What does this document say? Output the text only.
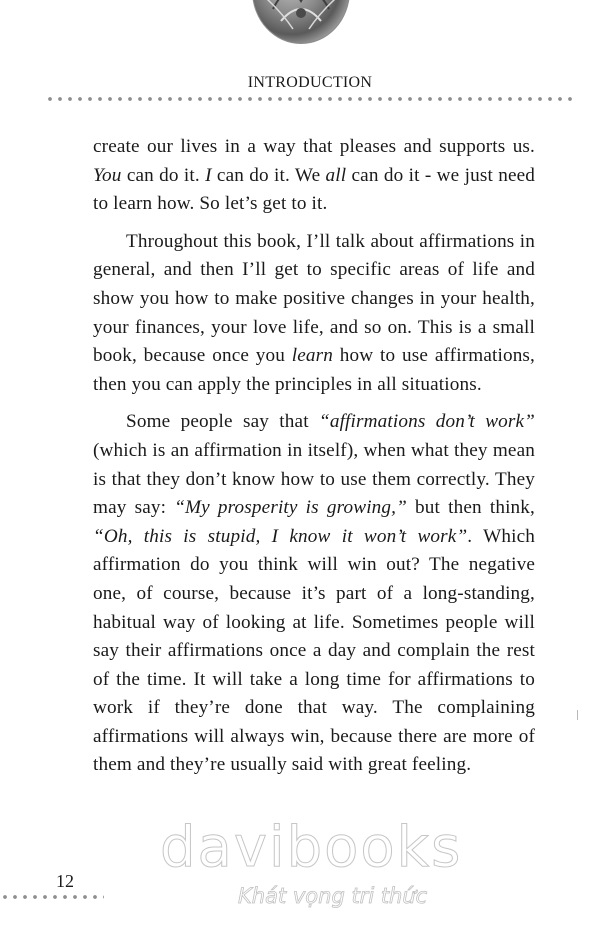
INTRODUCTION

create our lives in a way that pleases and supports us. You can do it. I can do it. We all can do it - we just need to learn how. So let’s get to it.

Throughout this book, I’ll talk about affirmations in general, and then I’ll get to specific areas of life and show you how to make positive changes in your health, your finances, your love life, and so on. This is a small book, because once you learn how to use affirmations, then you can apply the principles in all situations.

Some people say that “affirmations don’t work” (which is an affirmation in itself), when what they mean is that they don’t know how to use them correctly. They may say: “My prosperity is growing,” but then think, “Oh, this is stupid, I know it won’t work”. Which affirmation do you think will win out? The negative one, of course, because it’s part of a long-standing, habitual way of looking at life. Sometimes people will say their affirmations once a day and complain the rest of the time. It will take a long time for affirmations to work if they’re done that way. The complaining affirmations will always win, because there are more of them and they’re usually said with great feeling.

12
davibooks
Khát vọng tri thức
